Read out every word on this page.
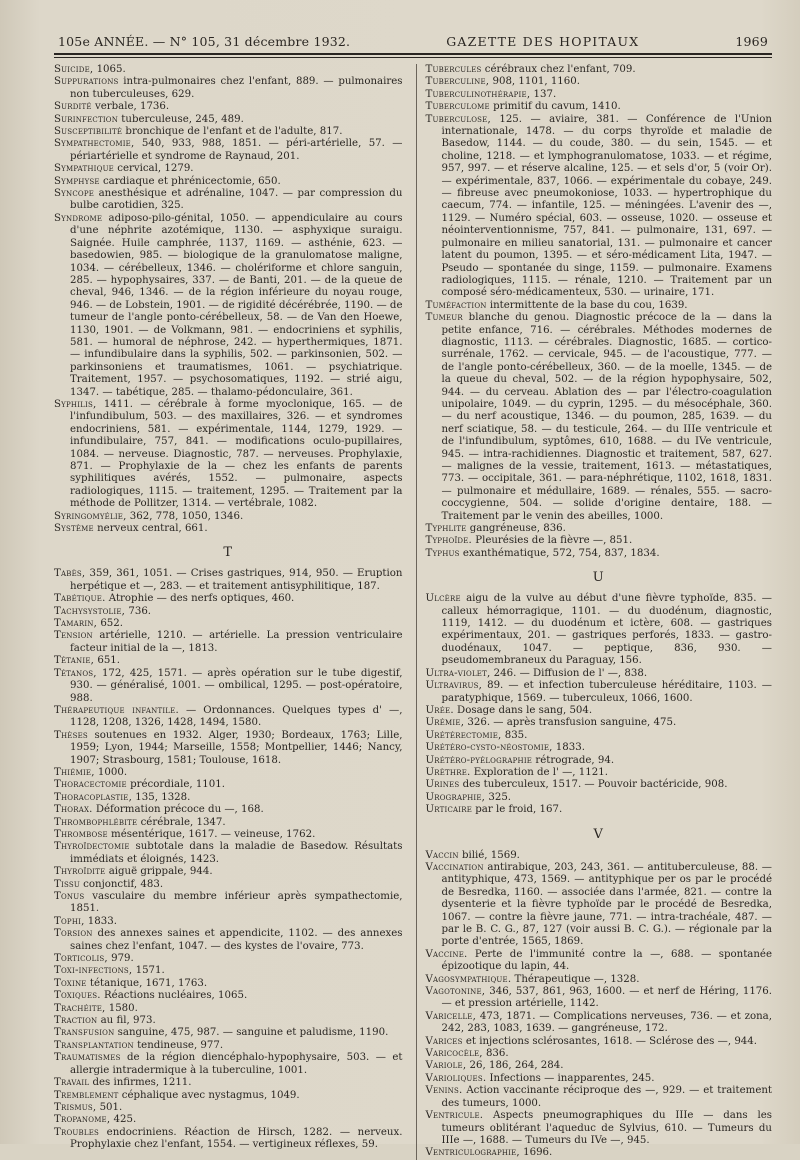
105e ANNÉE. — N° 105, 31 décembre 1932.	GAZETTE DES HOPITAUX	1969

Suicide, 1065.

Suppurations intra-pulmonaires chez l'enfant, 889. — pulmonaires non tuberculeuses, 629.

Surdité verbale, 1736.

Surinfection tuberculeuse, 245, 489.

Susceptibilité bronchique de l'enfant et de l'adulte, 817.

Sympathectomie, 540, 933, 988, 1851. — péri-artérielle, 57. — périartérielle et syndrome de Raynaud, 201.

Sympathique cervical, 1279.

Symphyse cardiaque et phrénicectomie, 650.

Syncope anesthésique et adrénaline, 1047. — par compression du bulbe carotidien, 325.

Syndrome adiposo-pilo-génital, 1050. — appendiculaire au cours d'une néphrite azotémique, 1130. — asphyxique suraigu. Saignée. Huile camphrée, 1137, 1169. — asthénie, 623. — basedowien, 985. — biologique de la granulomatose maligne, 1034. — cérébelleux, 1346. — cholériforme et chlore sanguin, 285. — hypophysaires, 337. — de Banti, 201. — de la queue de cheval, 946, 1346. — de la région inférieure du noyau rouge, 946. — de Lobstein, 1901. — de rigidité décérébrée, 1190. — de tumeur de l'angle ponto-cérébelleux, 58. — de Van den Hoewe, 1130, 1901. — de Volkmann, 981. — endocriniens et syphilis, 581. — humoral de néphrose, 242. — hyperthermiques, 1871. — infundibulaire dans la syphilis, 502. — parkinsonien, 502. — parkinsoniens et traumatismes, 1061. — psychiatrique. Traitement, 1957. — psychosomatiques, 1192. — strié aigu, 1347. — tabétique, 285. — thalamo-pédonculaire, 361.

Syphilis, 1411. — cérébrale à forme myoclonique, 165. — de l'infundibulum, 503. — des maxillaires, 326. — et syndromes endocriniens, 581. — expérimentale, 1144, 1279, 1929. — infundibulaire, 757, 841. — modifications oculo-pupillaires, 1084. — nerveuse. Diagnostic, 787. — nerveuses. Prophylaxie, 871. — Prophylaxie de la — chez les enfants de parents syphilitiques avérés, 1552. — pulmonaire, aspects radiologiques, 1115. — traitement, 1295. — Traitement par la méthode de Pollitzer, 1314. — vertébrale, 1082.

Syringomyélie, 362, 778, 1050, 1346.

Système nerveux central, 661.

T

Tabès, 359, 361, 1051. — Crises gastriques, 914, 950. — Eruption herpétique et —, 283. — et traitement antisyphilitique, 187.

Tabétique. Atrophie — des nerfs optiques, 460.

Tachysystolie, 736.

Tamarin, 652.

Tension artérielle, 1210. — artérielle. La pression ventriculaire facteur initial de la —, 1813.

Tétanie, 651.

Tétanos, 172, 425, 1571. — après opération sur le tube digestif, 930. — généralisé, 1001. — ombilical, 1295. — post-opératoire, 988.

Thérapeutique infantile. — Ordonnances. Quelques types d' —, 1128, 1208, 1326, 1428, 1494, 1580.

Thèses soutenues en 1932. Alger, 1930; Bordeaux, 1763; Lille, 1959; Lyon, 1944; Marseille, 1558; Montpellier, 1446; Nancy, 1907; Strasbourg, 1581; Toulouse, 1618.

Thiémie, 1000.

Thoracectomie précordiale, 1101.

Thoracoplastie, 135, 1328.

Thorax. Déformation précoce du —, 168.

Thrombophlébite cérébrale, 1347.

Thrombose mésentérique, 1617. — veineuse, 1762.

Thyroïdectomie subtotale dans la maladie de Basedow. Résultats immédiats et éloignés, 1423.

Thyroïdite aiguë grippale, 944.

Tissu conjonctif, 483.

Tonus vasculaire du membre inférieur après sympathectomie, 1851.

Tophi, 1833.

Torsion des annexes saines et appendicite, 1102. — des annexes saines chez l'enfant, 1047. — des kystes de l'ovaire, 773.

Torticolis, 979.

Toxi-infections, 1571.

Toxine tétanique, 1671, 1763.

Toxiques. Réactions nucléaires, 1065.

Trachéite, 1580.

Traction au fil, 973.

Transfusion sanguine, 475, 987. — sanguine et paludisme, 1190.

Transplantation tendineuse, 977.

Traumatismes de la région diencéphalo-hypophysaire, 503. — et allergie intradermique à la tuberculine, 1001.

Travail des infirmes, 1211.

Tremblement céphalique avec nystagmus, 1049.

Trismus, 501.

Tropanome, 425.

Troubles endocriniens. Réaction de Hirsch, 1282. — nerveux. Prophylaxie chez l'enfant, 1554. — vertigineux réflexes, 59.

Tubercules cérébraux chez l'enfant, 709.

Tuberculine, 908, 1101, 1160.

Tuberculinothérapie, 137.

Tuberculome primitif du cavum, 1410.

Tuberculose, 125. — aviaire, 381. — Conférence de l'Union internationale, 1478. — du corps thyroïde et maladie de Basedow, 1144. — du coude, 380. — du sein, 1545. — et choline, 1218. — et lymphogranulomatose, 1033. — et régime, 957, 997. — et réserve alcaline, 125. — et sels d'or, 5 (voir Or). — expérimentale, 837, 1066. — expérimentale du cobaye, 249. — fibreuse avec pneumokoniose, 1033. — hypertrophique du caecum, 774. — infantile, 125. — méningées. L'avenir des —, 1129. — Numéro spécial, 603. — osseuse, 1020. — osseuse et néointerventionnisme, 757, 841. — pulmonaire, 131, 697. — pulmonaire en milieu sanatorial, 131. — pulmonaire et cancer latent du poumon, 1395. — et séro-médicament Lita, 1947. — Pseudo — spontanée du singe, 1159. — pulmonaire. Examens radiologiques, 1115. — rénale, 1210. — Traitement par un composé séro-médicamenteux, 530. — urinaire, 171.

Tuméfaction intermittente de la base du cou, 1639.

Tumeur blanche du genou. Diagnostic précoce de la — dans la petite enfance, 716. — cérébrales. Méthodes modernes de diagnostic, 1113. — cérébrales. Diagnostic, 1685. — cortico-surrénale, 1762. — cervicale, 945. — de l'acoustique, 777. — de l'angle ponto-cérébelleux, 360. — de la moelle, 1345. — de la queue du cheval, 502. — de la région hypophysaire, 502, 944. — du cerveau. Ablation des — par l'électro-coagulation unipolaire, 1049. — du cyprin, 1295. — du mésocéphale, 360. — du nerf acoustique, 1346. — du poumon, 285, 1639. — du nerf sciatique, 58. — du testicule, 264. — du IIIe ventricule et de l'infundibulum, syptômes, 610, 1688. — du IVe ventricule, 945. — intra-rachidiennes. Diagnostic et traitement, 587, 627. — malignes de la vessie, traitement, 1613. — métastatiques, 773. — occipitale, 361. — para-néphrétique, 1102, 1618, 1831. — pulmonaire et médullaire, 1689. — rénales, 555. — sacro-coccygienne, 504. — solide d'origine dentaire, 188. — Traitement par le venin des abeilles, 1000.

Typhlite gangréneuse, 836.

Typhoïde. Pleurésies de la fièvre —, 851.

Typhus exanthématique, 572, 754, 837, 1834.

U

Ulcère aigu de la vulve au début d'une fièvre typhoïde, 835. — calleux hémorragique, 1101. — du duodénum, diagnostic, 1119, 1412. — du duodénum et ictère, 608. — gastriques expérimentaux, 201. — gastriques perforés, 1833. — gastro-duodénaux, 1047. — peptique, 836, 930. — pseudomembraneux du Paraguay, 156.

Ultra-violet, 246. — Diffusion de l' —, 838.

Ultravirus, 89. — et infection tuberculeuse héréditaire, 1103. — paratyphique, 1569. — tuberculeux, 1066, 1600.

Urée. Dosage dans le sang, 504.

Urémie, 326. — après transfusion sanguine, 475.

Urétérectomie, 835.

Urétéro-cysto-néostomie, 1833.

Urétéro-pyélographie rétrograde, 94.

Urèthre. Exploration de l' —, 1121.

Urines des tuberculeux, 1517. — Pouvoir bactéricide, 908.

Urographie, 325.

Urticaire par le froid, 167.

V

Vaccin bilié, 1569.

Vaccination antirabique, 203, 243, 361. — antituberculeuse, 88. — antityphique, 473, 1569. — antityphique per os par le procédé de Besredka, 1160. — associée dans l'armée, 821. — contre la dysenterie et la fièvre typhoïde par le procédé de Besredka, 1067. — contre la fièvre jaune, 771. — intra-trachéale, 487. — par le B. C. G., 87, 127 (voir aussi B. C. G.). — régionale par la porte d'entrée, 1565, 1869.

Vaccine. Perte de l'immunité contre la —, 688. — spontanée épizootique du lapin, 44.

Vagosympathique. Thérapeutique —, 1328.

Vagotonine, 346, 537, 861, 963, 1600. — et nerf de Héring, 1176. — et pression artérielle, 1142.

Varicelle, 473, 1871. — Complications nerveuses, 736. — et zona, 242, 283, 1083, 1639. — gangréneuse, 172.

Varices et injections sclérosantes, 1618. — Sclérose des —, 944.

Varicocèle, 836.

Variole, 26, 186, 264, 284.

Varioliques. Infections — inapparentes, 245.

Venins. Action vaccinante réciproque des —, 929. — et traitement des tumeurs, 1000.

Ventricule. Aspects pneumographiques du IIIe — dans les tumeurs oblitérant l'aqueduc de Sylvius, 610. — Tumeurs du IIIe —, 1688. — Tumeurs du IVe —, 945.

Ventriculographie, 1696.
